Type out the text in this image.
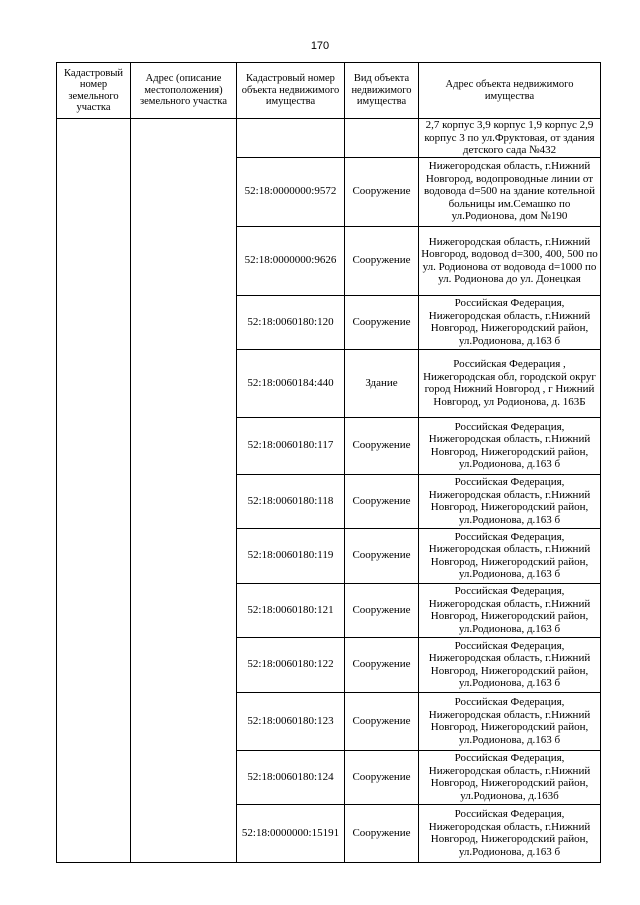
170
Кадастровый номер земельного участка	Адрес (описание местоположения) земельного участка	Кадастровый номер объекта недвижимого имущества	Вид объекта недвижимого имущества	Адрес объекта недвижимого имущества
				2,7 корпус 3,9 корпус 1,9 корпус 2,9 корпус 3 по ул.Фруктовая, от здания детского сада №432
		52:18:0000000:9572	Сооружение	Нижегородская область, г.Нижний Новгород, водопроводные линии от водовода d=500 на здание котельной больницы им.Семашко по ул.Родионова, дом №190
		52:18:0000000:9626	Сооружение	Нижегородская область, г.Нижний Новгород, водовод d=300, 400, 500 по ул. Родионова от водовода d=1000 по ул. Родионова до ул. Донецкая
		52:18:0060180:120	Сооружение	Российская Федерация, Нижегородская область, г.Нижний Новгород, Нижегородский район, ул.Родионова, д.163 б
		52:18:0060184:440	Здание	Российская Федерация , Нижегородская обл, городской округ город Нижний Новгород , г Нижний Новгород, ул Родионова, д. 163Б
		52:18:0060180:117	Сооружение	Российская Федерация, Нижегородская область, г.Нижний Новгород, Нижегородский район, ул.Родионова, д.163 б
		52:18:0060180:118	Сооружение	Российская Федерация, Нижегородская область, г.Нижний Новгород, Нижегородский район, ул.Родионова, д.163 б
		52:18:0060180:119	Сооружение	Российская Федерация, Нижегородская область, г.Нижний Новгород, Нижегородский район, ул.Родионова, д.163 б
		52:18:0060180:121	Сооружение	Российская Федерация, Нижегородская область, г.Нижний Новгород, Нижегородский район, ул.Родионова, д.163 б
		52:18:0060180:122	Сооружение	Российская Федерация, Нижегородская область, г.Нижний Новгород, Нижегородский район, ул.Родионова, д.163 б
		52:18:0060180:123	Сооружение	Российская Федерация, Нижегородская область, г.Нижний Новгород, Нижегородский район, ул.Родионова, д.163 б
		52:18:0060180:124	Сооружение	Российская Федерация, Нижегородская область, г.Нижний Новгород, Нижегородский район, ул.Родионова, д.163б
		52:18:0000000:15191	Сооружение	Российская Федерация, Нижегородская область, г.Нижний Новгород, Нижегородский район, ул.Родионова, д.163 б
